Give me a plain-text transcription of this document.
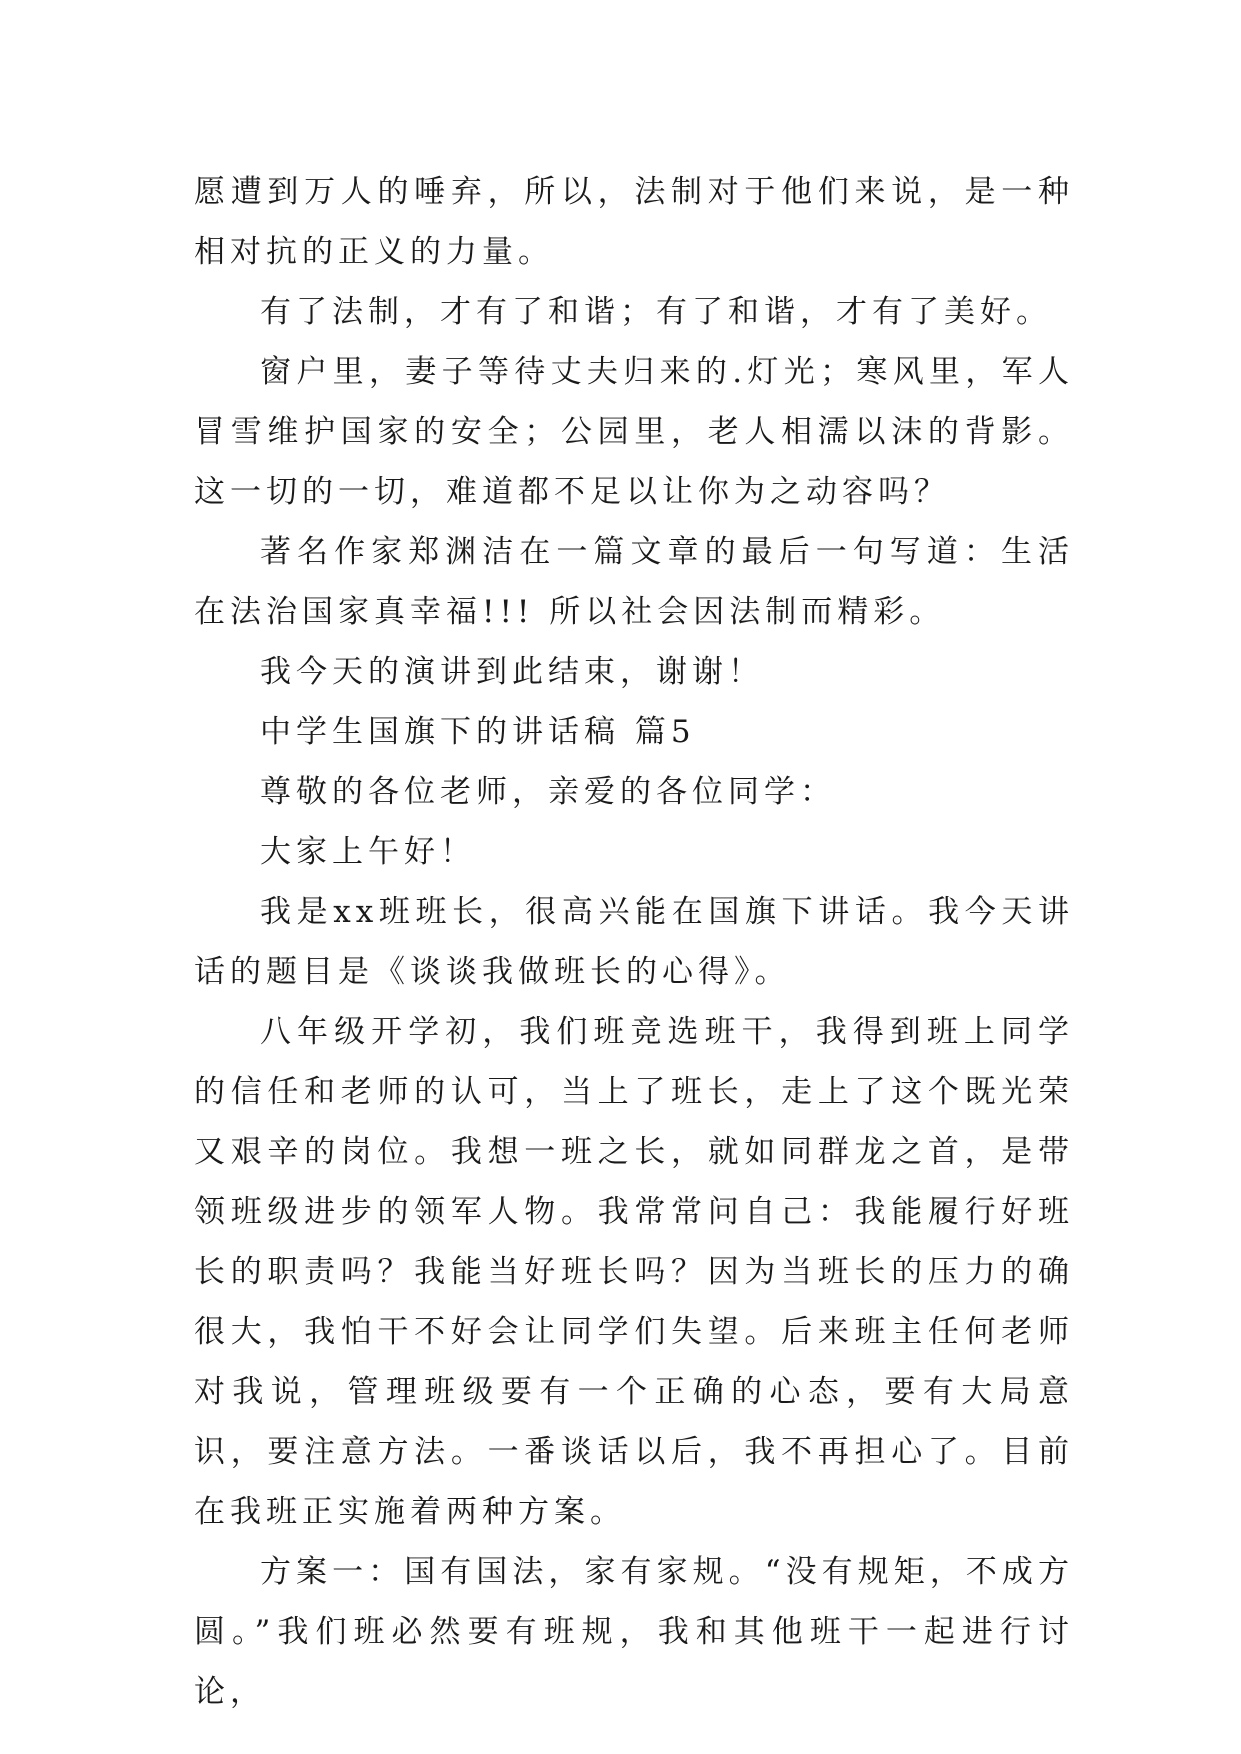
愿遭到万人的唾弃，所以，法制对于他们来说，是一种相对抗的正义的力量。

有了法制，才有了和谐；有了和谐，才有了美好。

窗户里，妻子等待丈夫归来的.灯光；寒风里，军人冒雪维护国家的安全；公园里，老人相濡以沫的背影。这一切的一切，难道都不足以让你为之动容吗？

著名作家郑渊洁在一篇文章的最后一句写道：生活在法治国家真幸福!!! 所以社会因法制而精彩。

我今天的演讲到此结束，谢谢！

中学生国旗下的讲话稿 篇5

尊敬的各位老师，亲爱的各位同学：

大家上午好！

我是xx班班长，很高兴能在国旗下讲话。我今天讲话的题目是《谈谈我做班长的心得》。

八年级开学初，我们班竞选班干，我得到班上同学的信任和老师的认可，当上了班长，走上了这个既光荣又艰辛的岗位。我想一班之长，就如同群龙之首，是带领班级进步的领军人物。我常常问自己：我能履行好班长的职责吗？我能当好班长吗？因为当班长的压力的确很大，我怕干不好会让同学们失望。后来班主任何老师对我说，管理班级要有一个正确的心态，要有大局意识，要注意方法。一番谈话以后，我不再担心了。目前在我班正实施着两种方案。

方案一：国有国法，家有家规。“没有规矩，不成方圆。”我们班必然要有班规，我和其他班干一起进行讨论，
